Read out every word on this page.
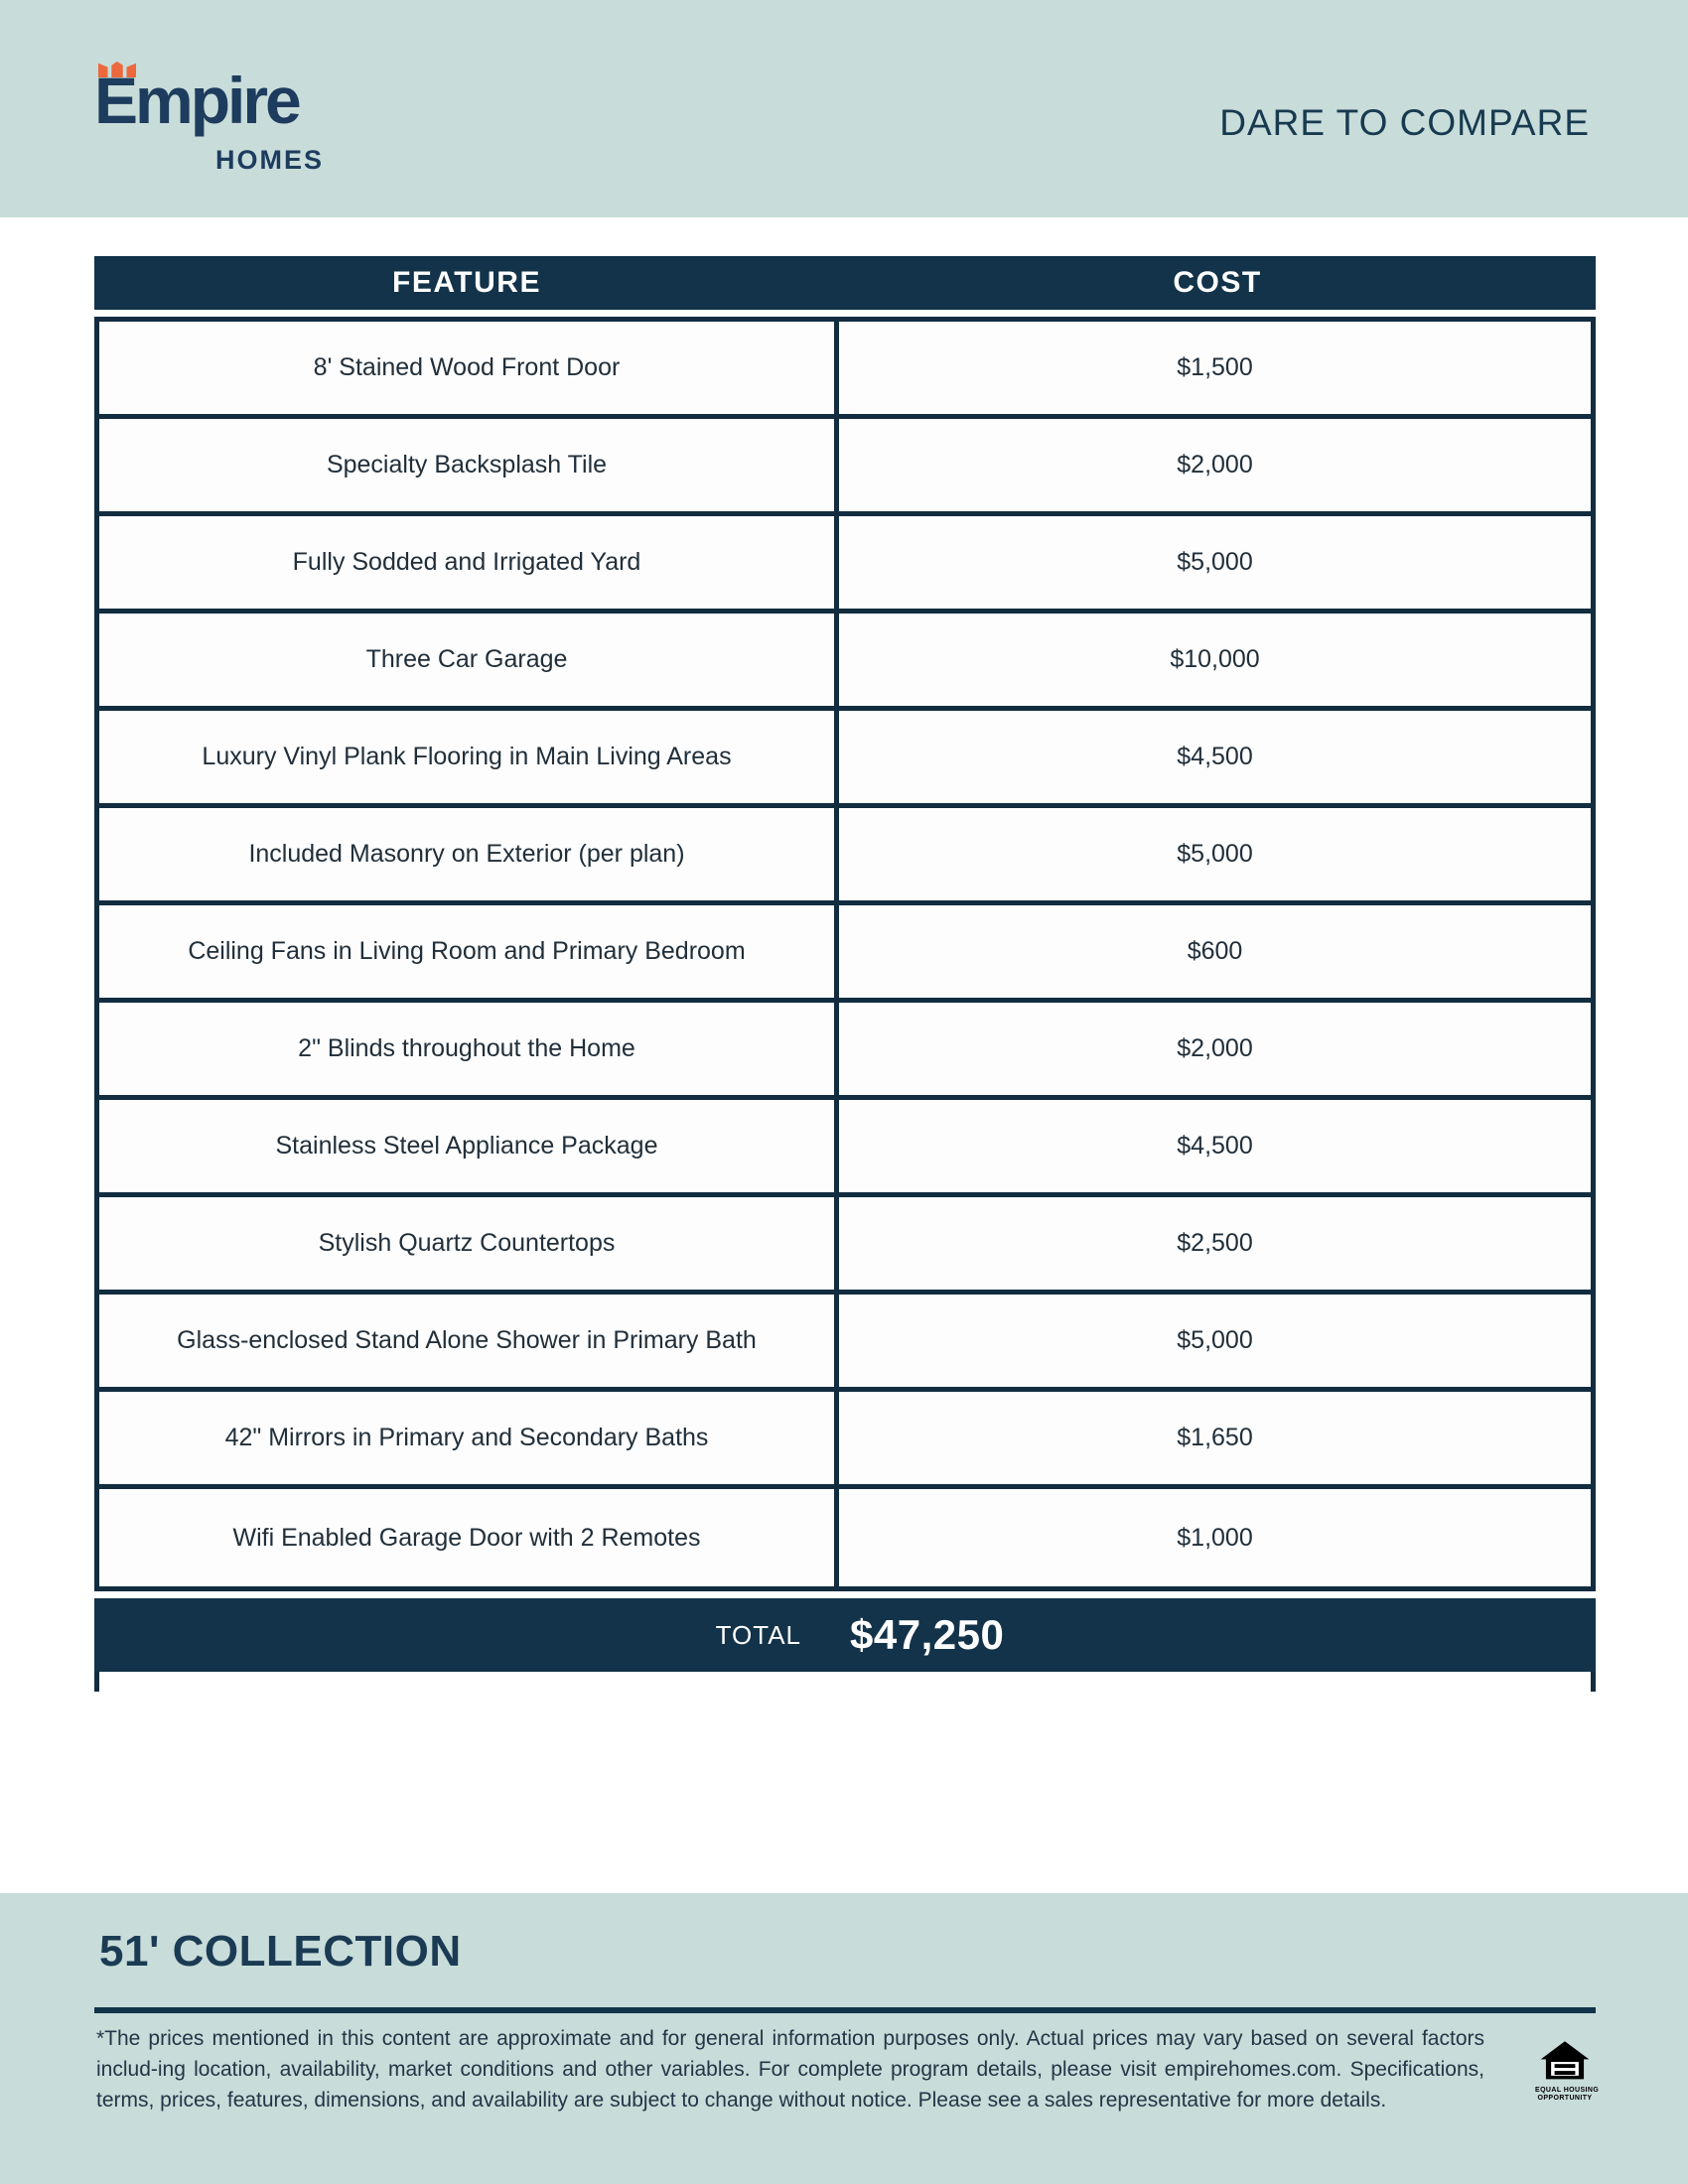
Empire
HOMES
DARE TO COMPARE
FEATURE	COST
8' Stained Wood Front Door	$1,500
Specialty Backsplash Tile	$2,000
Fully Sodded and Irrigated Yard	$5,000
Three Car Garage	$10,000
Luxury Vinyl Plank Flooring in Main Living Areas	$4,500
Included Masonry on Exterior (per plan)	$5,000
Ceiling Fans in Living Room and Primary Bedroom	$600
2" Blinds throughout the Home	$2,000
Stainless Steel Appliance Package	$4,500
Stylish Quartz Countertops	$2,500
Glass-enclosed Stand Alone Shower in Primary Bath	$5,000
42" Mirrors in Primary and Secondary Baths	$1,650
Wifi Enabled Garage Door with 2 Remotes	$1,000
TOTAL $47,250
51' COLLECTION

*The prices mentioned in this content are approximate and for general information purposes only. Actual prices may vary based on several factors includ-ing location, availability, market conditions and other variables. For complete program details, please visit empirehomes.com. Specifications, terms, prices, features, dimensions, and availability are subject to change without notice. Please see a sales representative for more details.	EQUAL HOUSING
OPPORTUNITY
